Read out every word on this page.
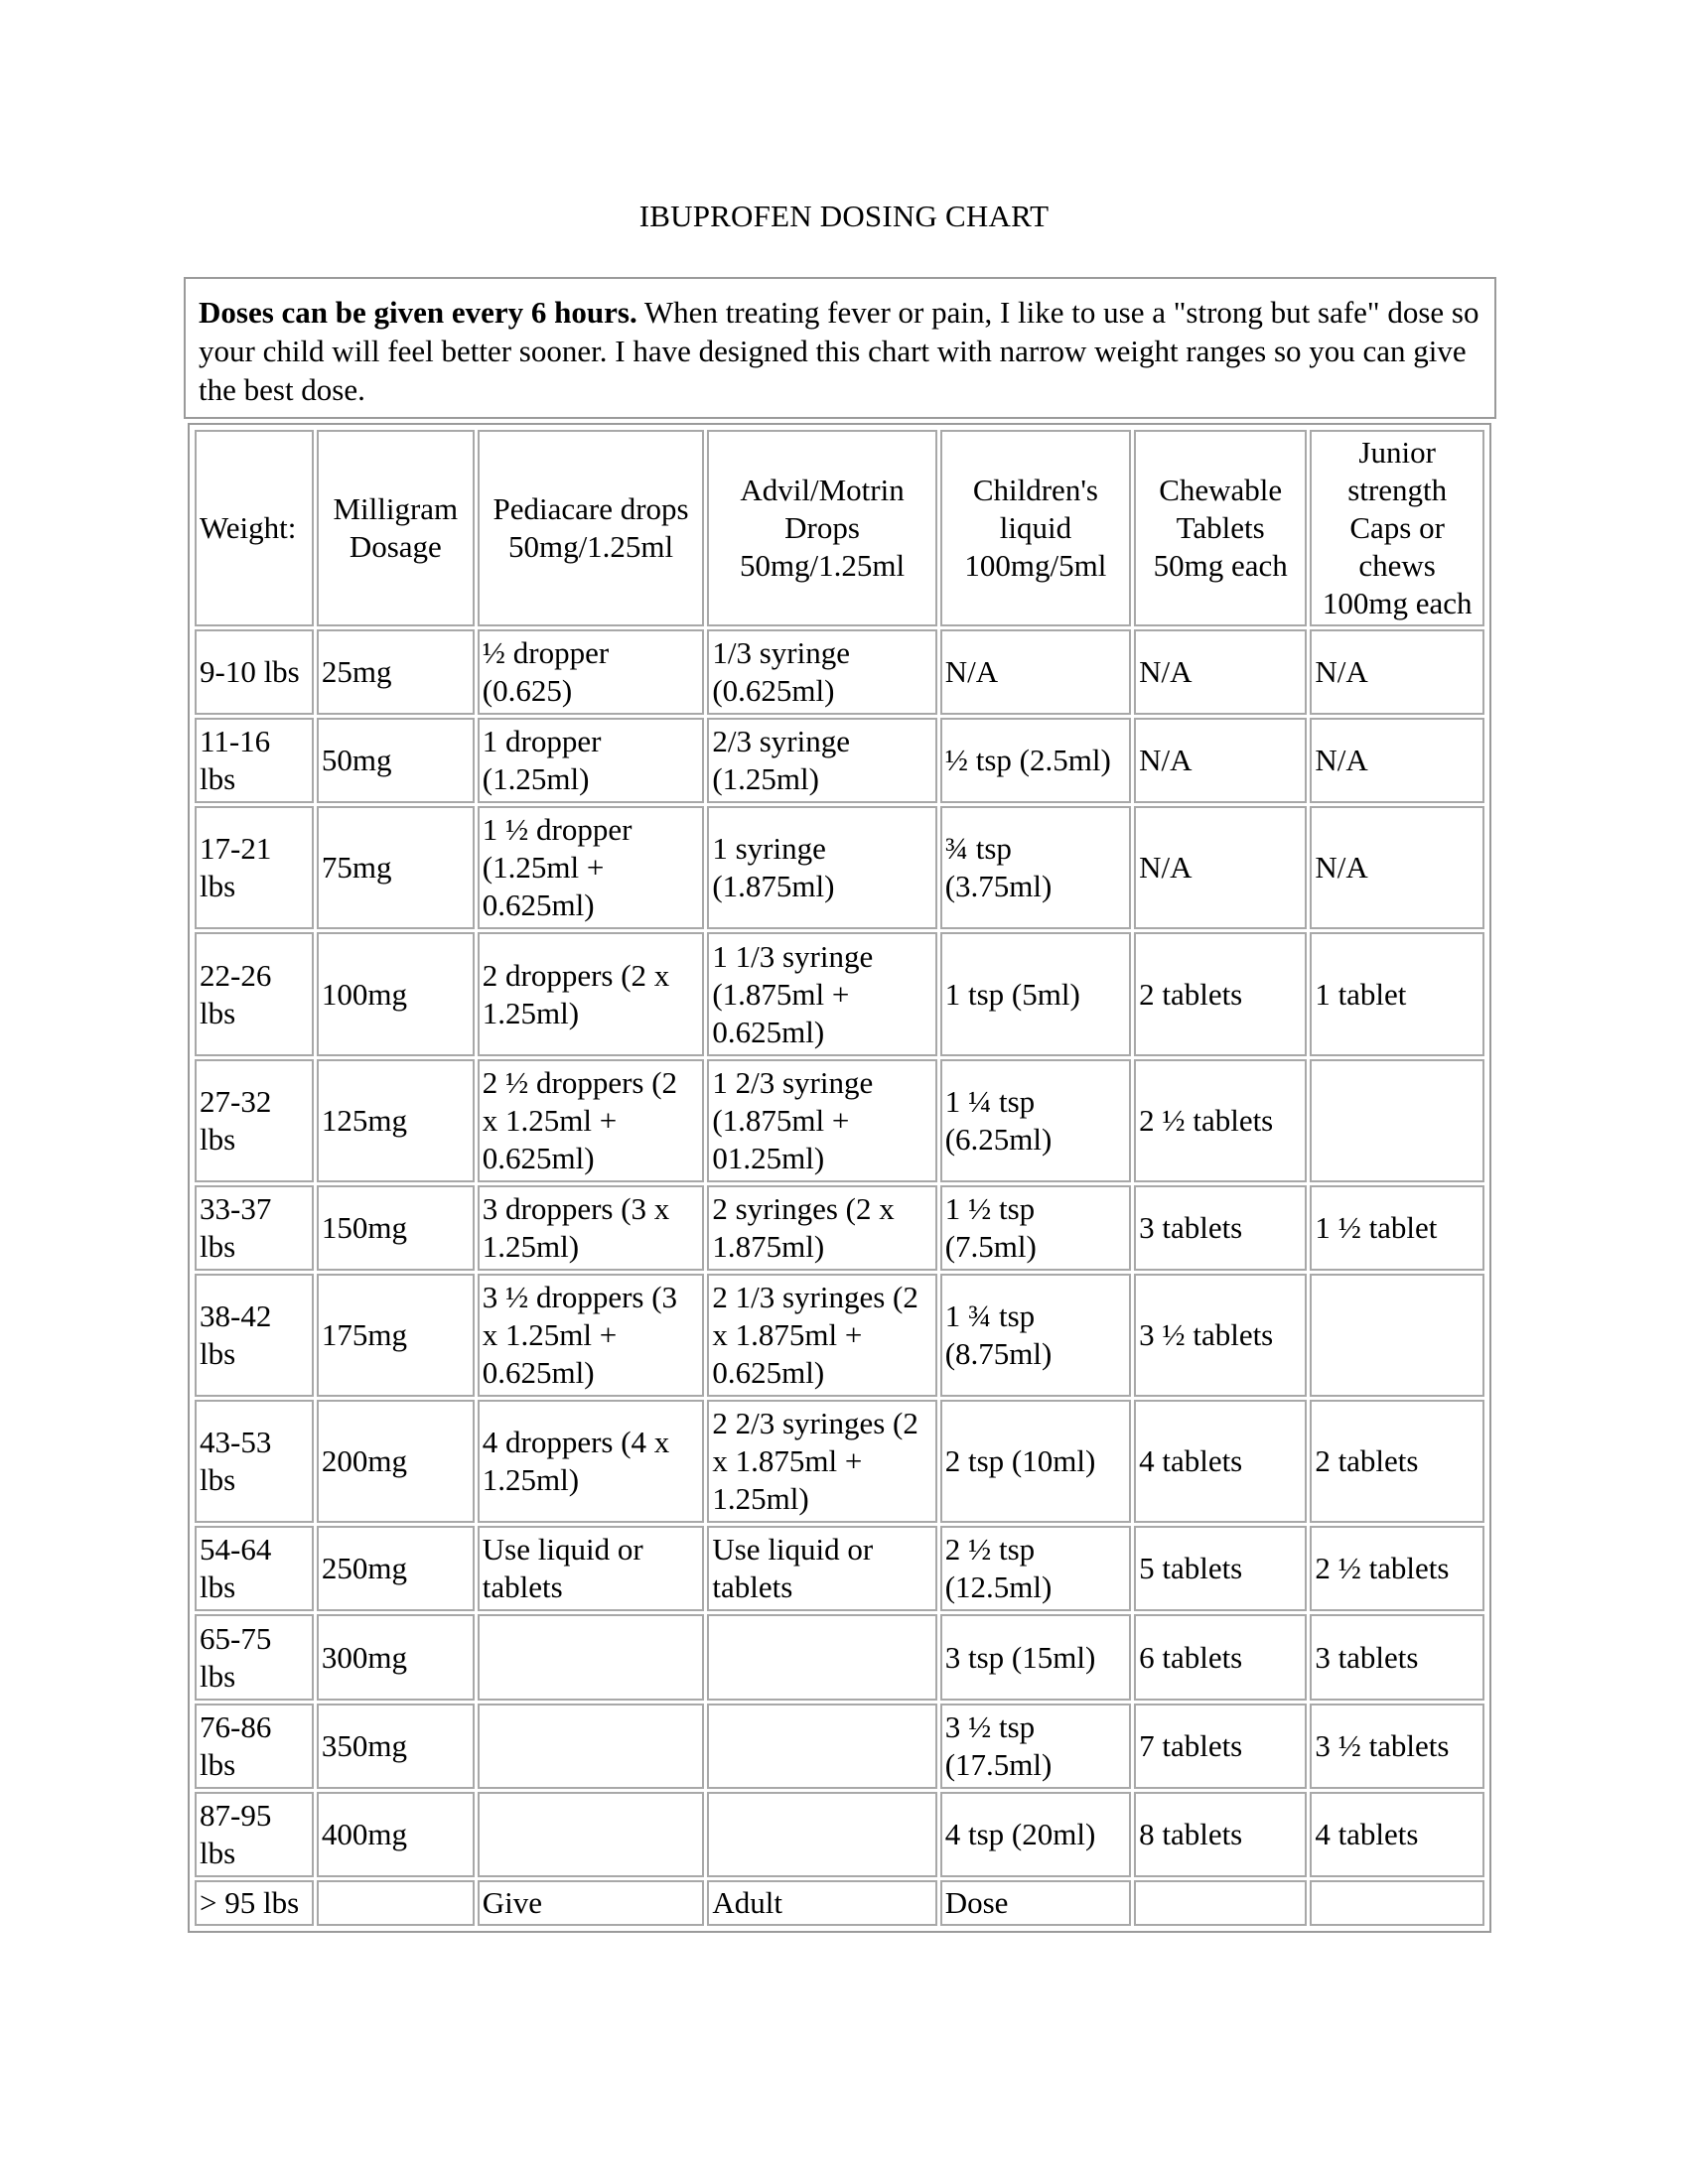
IBUPROFEN DOSING CHART
Doses can be given every 6 hours. When treating fever or pain, I like to use a "strong but safe" dose so your child will feel better sooner. I have designed this chart with narrow weight ranges so you can give the best dose.
Weight:	Milligram Dosage	Pediacare drops 50mg/1.25ml	Advil/Motrin Drops 50mg/1.25ml	Children's liquid 100mg/5ml	Chewable Tablets 50mg each	Junior strength Caps or chews 100mg each
9-10 lbs	25mg	½ dropper (0.625)	1/3 syringe (0.625ml)	N/A	N/A	N/A
11-16 lbs	50mg	1 dropper (1.25ml)	2/3 syringe (1.25ml)	½ tsp (2.5ml)	N/A	N/A
17-21 lbs	75mg	1 ½ dropper (1.25ml + 0.625ml)	1 syringe (1.875ml)	¾ tsp (3.75ml)	N/A	N/A
22-26 lbs	100mg	2 droppers (2 x 1.25ml)	1 1/3 syringe (1.875ml + 0.625ml)	1 tsp (5ml)	2 tablets	1 tablet
27-32 lbs	125mg	2 ½ droppers (2 x 1.25ml + 0.625ml)	1 2/3 syringe (1.875ml + 01.25ml)	1 ¼ tsp (6.25ml)	2 ½ tablets	
33-37 lbs	150mg	3 droppers (3 x 1.25ml)	2 syringes (2 x 1.875ml)	1 ½ tsp (7.5ml)	3 tablets	1 ½ tablet
38-42 lbs	175mg	3 ½ droppers (3 x 1.25ml + 0.625ml)	2 1/3 syringes (2 x 1.875ml + 0.625ml)	1 ¾ tsp (8.75ml)	3 ½ tablets	
43-53 lbs	200mg	4 droppers (4 x 1.25ml)	2 2/3 syringes (2 x 1.875ml + 1.25ml)	2 tsp (10ml)	4 tablets	2 tablets
54-64 lbs	250mg	Use liquid or tablets	Use liquid or tablets	2 ½ tsp (12.5ml)	5 tablets	2 ½ tablets
65-75 lbs	300mg			3 tsp (15ml)	6 tablets	3 tablets
76-86 lbs	350mg			3 ½ tsp (17.5ml)	7 tablets	3 ½ tablets
87-95 lbs	400mg			4 tsp (20ml)	8 tablets	4 tablets
> 95 lbs		Give	Adult	Dose		
